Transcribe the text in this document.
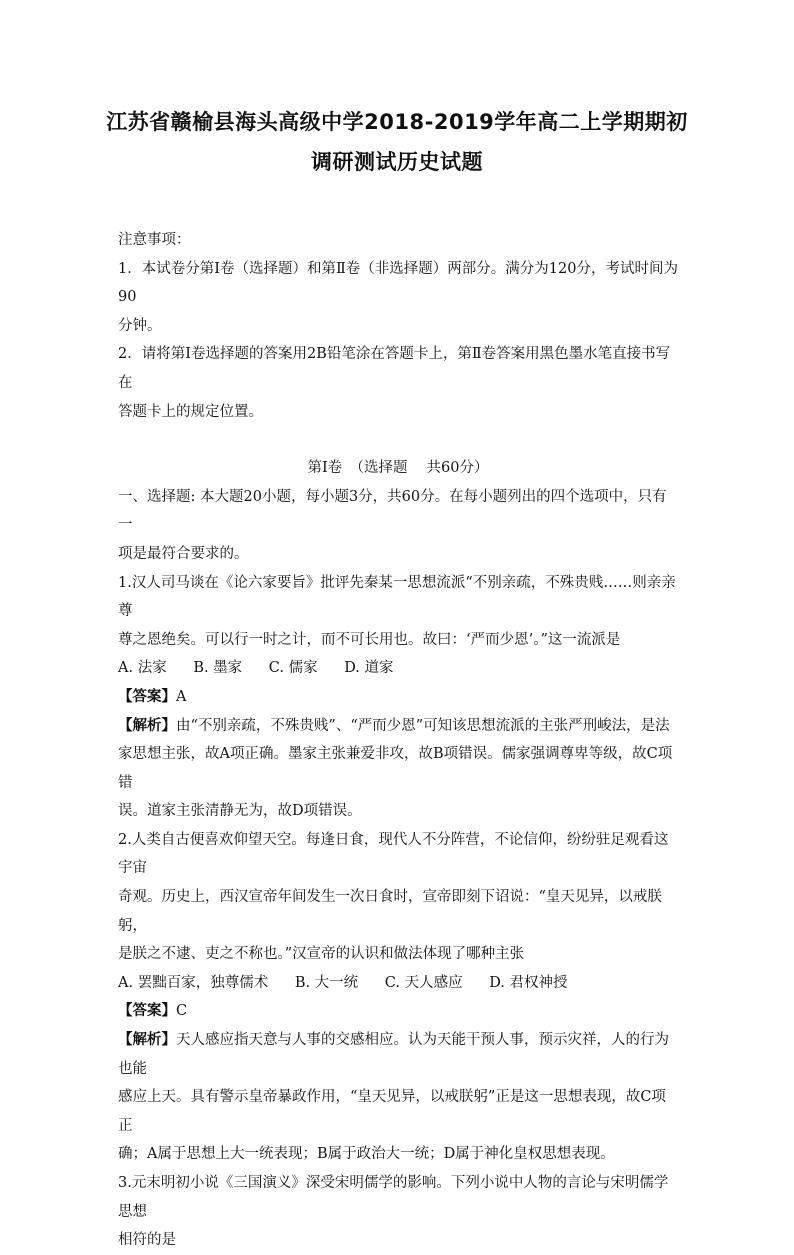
江苏省赣榆县海头高级中学2018-2019学年高二上学期期初
调研测试历史试题

注意事项：

1．本试卷分第Ⅰ卷（选择题）和第Ⅱ卷（非选择题）两部分。满分为120分，考试时间为90

分钟。

2．请将第Ⅰ卷选择题的答案用2B铅笔涂在答题卡上，第Ⅱ卷答案用黑色墨水笔直接书写在

答题卡上的规定位置。

第Ⅰ卷　（选择题　 共60分）

一、选择题: 本大题20小题，每小题3分，共60分。在每小题列出的四个选项中，只有一

项是最符合要求的。

1.汉人司马谈在《论六家要旨》批评先秦某一思想流派“不别亲疏，不殊贵贱……则亲亲尊

尊之恩绝矣。可以行一时之计，而不可长用也。故曰：‘严而少恩’。”这一流派是

A. 法家 B. 墨家 C. 儒家 D. 道家

【答案】A

【解析】由“不别亲疏，不殊贵贱”、“严而少恩”可知该思想流派的主张严刑峻法，是法

家思想主张，故A项正确。墨家主张兼爱非攻，故B项错误。儒家强调尊卑等级，故C项错

误。道家主张清静无为，故D项错误。

2.人类自古便喜欢仰望天空。每逢日食，现代人不分阵营，不论信仰，纷纷驻足观看这宇宙

奇观。历史上，西汉宣帝年间发生一次日食时，宣帝即刻下诏说：“皇天见异，以戒朕躬，

是朕之不逮、吏之不称也。”汉宣帝的认识和做法体现了哪种主张

A. 罢黜百家，独尊儒术 B. 大一统 C. 天人感应 D. 君权神授

【答案】C

【解析】天人感应指天意与人事的交感相应。认为天能干预人事，预示灾祥，人的行为也能

感应上天。具有警示皇帝暴政作用，“皇天见异，以戒朕躬”正是这一思想表现，故C项正

确；A属于思想上大一统表现；B属于政治大一统；D属于神化皇权思想表现。

3.元末明初小说《三国演义》深受宋明儒学的影响。下列小说中人物的言论与宋明儒学思想

相符的是
